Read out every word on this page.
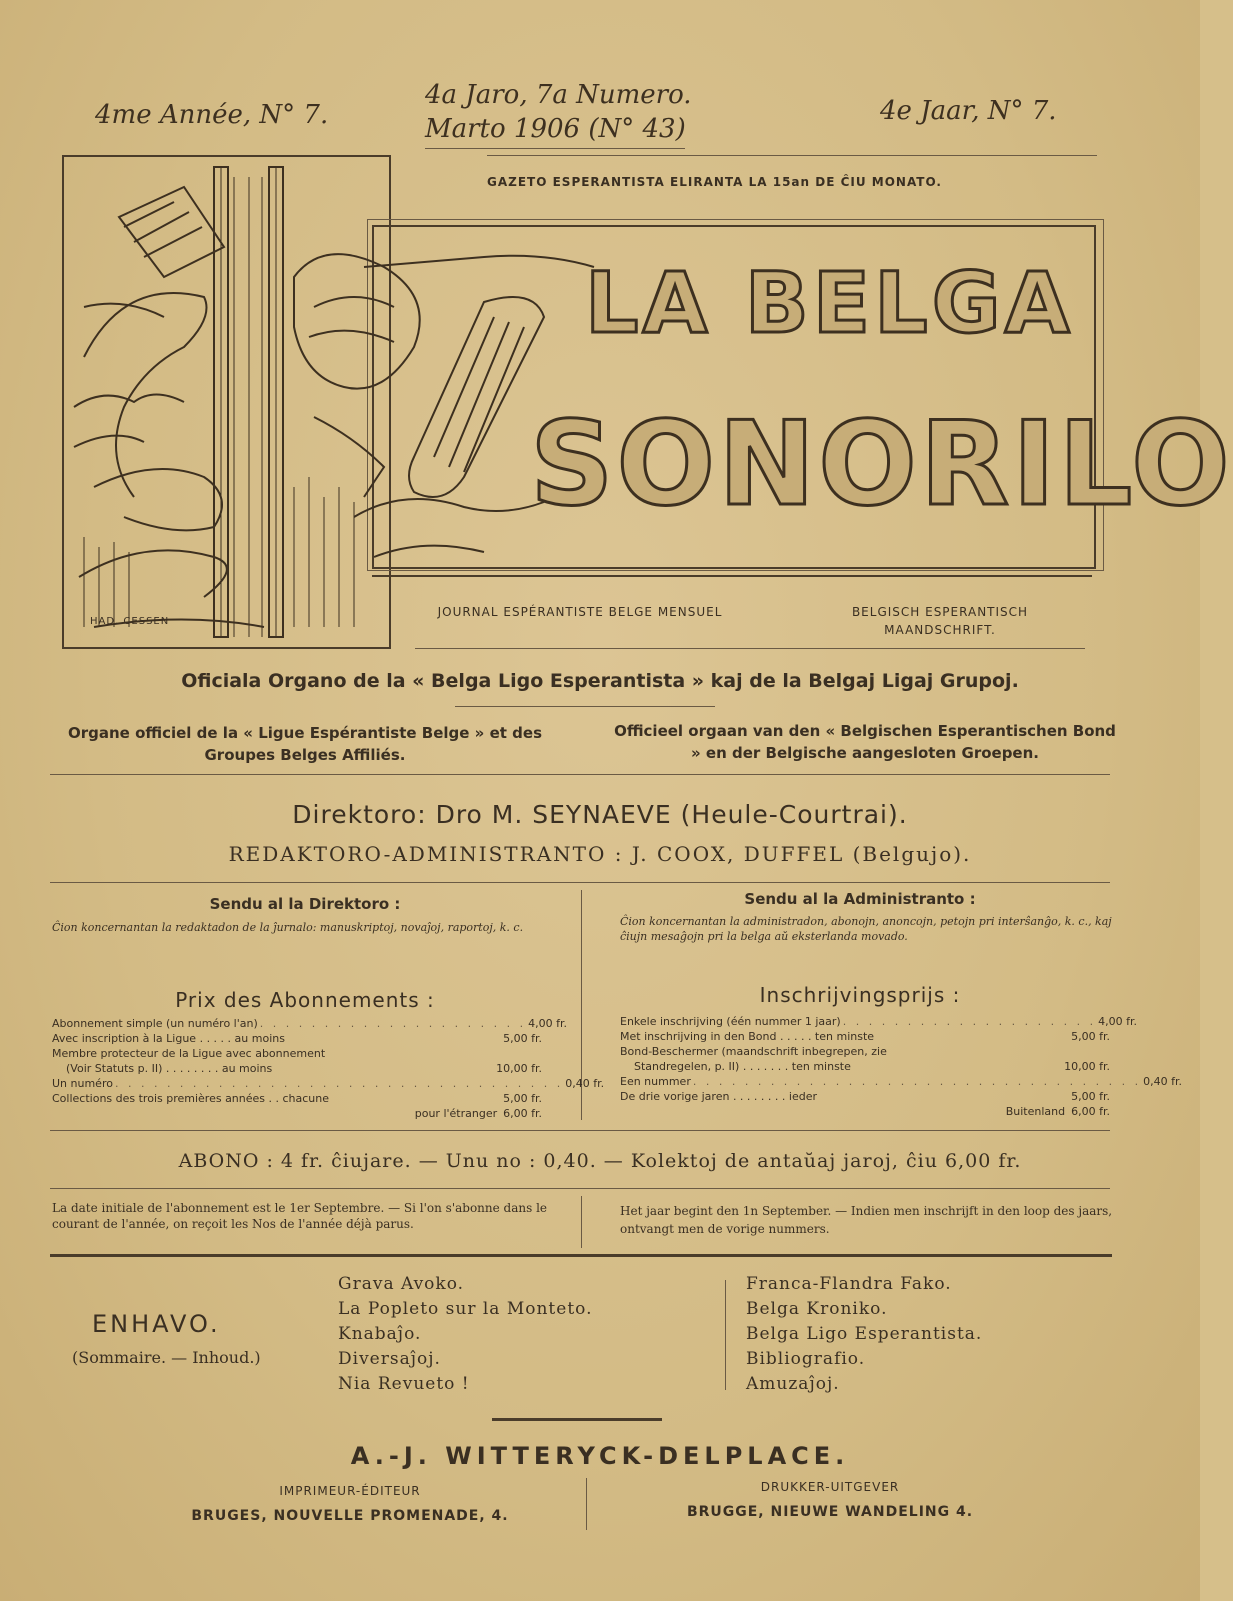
4me Année, N° 7.
4a Jaro, 7a Numero.
Marto 1906 (N° 43)
4e Jaar, N° 7.
GAZETO ESPERANTISTA ELIRANTA LA 15an DE ĈIU MONATO.
LA BELGA
SONORILO
HAD. CESSEN
JOURNAL ESPÉRANTISTE BELGE MENSUEL	BELGISCH ESPERANTISCH MAANDSCHRIFT.
Oficiala Organo de la « Belga Ligo Esperantista » kaj de la Belgaj Ligaj Grupoj.
Organe officiel de la « Ligue Espérantiste Belge » et des Groupes Belges Affiliés.
Officieel orgaan van den « Belgischen Esperantischen Bond » en der Belgische aangesloten Groepen.
Direktoro: Dro M. SEYNAEVE (Heule-Courtrai).
REDAKTORO-ADMINISTRANTO : J. COOX, DUFFEL (Belgujo).
Sendu al la Direktoro :
Ĉion koncernantan la redaktadon de la ĵurnalo: manuskriptoj, novaĵoj, raportoj, k. c.
Sendu al la Administranto :
Ĉion koncernantan la administradon, abonojn, anoncojn, petojn pri interŝanĝo, k. c., kaj ĉiujn mesaĝojn pri la belga aŭ eksterlanda movado.
Prix des Abonnements :
Abonnement simple (un numéro l'an) . . . . . . . . . . . . . . . . . . . . . 4,00 fr.
Avec inscription à la Ligue . . . . . au moins	5,00 fr.
Membre protecteur de la Ligue avec abonnement
(Voir Statuts p. II) . . . . . . . . au moins	10,00 fr.
Un numéro . . . . . . . . . . . . . . . . . . . . . . . . . . . . . . . . . . . 0,40 fr.
Collections des trois premières années . . chacune	5,00 fr.
pour l'étranger 6,00 fr.
Inschrijvingsprijs :
Enkele inschrijving (één nummer 1 jaar) . . . . . . . . . . . . . . . . . . . . 4,00 fr.
Met inschrijving in den Bond . . . . . ten minste	5,00 fr.
Bond-Beschermer (maandschrift inbegrepen, zie
Standregelen, p. II) . . . . . . . ten minste	10,00 fr.
Een nummer . . . . . . . . . . . . . . . . . . . . . . . . . . . . . . . . . . . 0,40 fr.
De drie vorige jaren . . . . . . . . ieder	5,00 fr.
Buitenland 6,00 fr.
ABONO : 4 fr. ĉiujare. — Unu no : 0,40. — Kolektoj de antaŭaj jaroj, ĉiu 6,00 fr.
La date initiale de l'abonnement est le 1er Septembre. — Si l'on s'abonne dans le courant de l'année, on reçoit les Nos de l'année déjà parus.
Het jaar begint den 1n September. — Indien men inschrijft in den loop des jaars, ontvangt men de vorige nummers.
ENHAVO.
(Sommaire. — Inhoud.)
Grava Avoko.
La Popleto sur la Monteto.
Knabaĵo.
Diversaĵoj.
Nia Revueto !
Franca-Flandra Fako.
Belga Kroniko.
Belga Ligo Esperantista.
Bibliografio.
Amuzaĵoj.
A.-J. WITTERYCK-DELPLACE.
IMPRIMEUR-ÉDITEUR
BRUGES, NOUVELLE PROMENADE, 4.
DRUKKER-UITGEVER
BRUGGE, NIEUWE WANDELING 4.
